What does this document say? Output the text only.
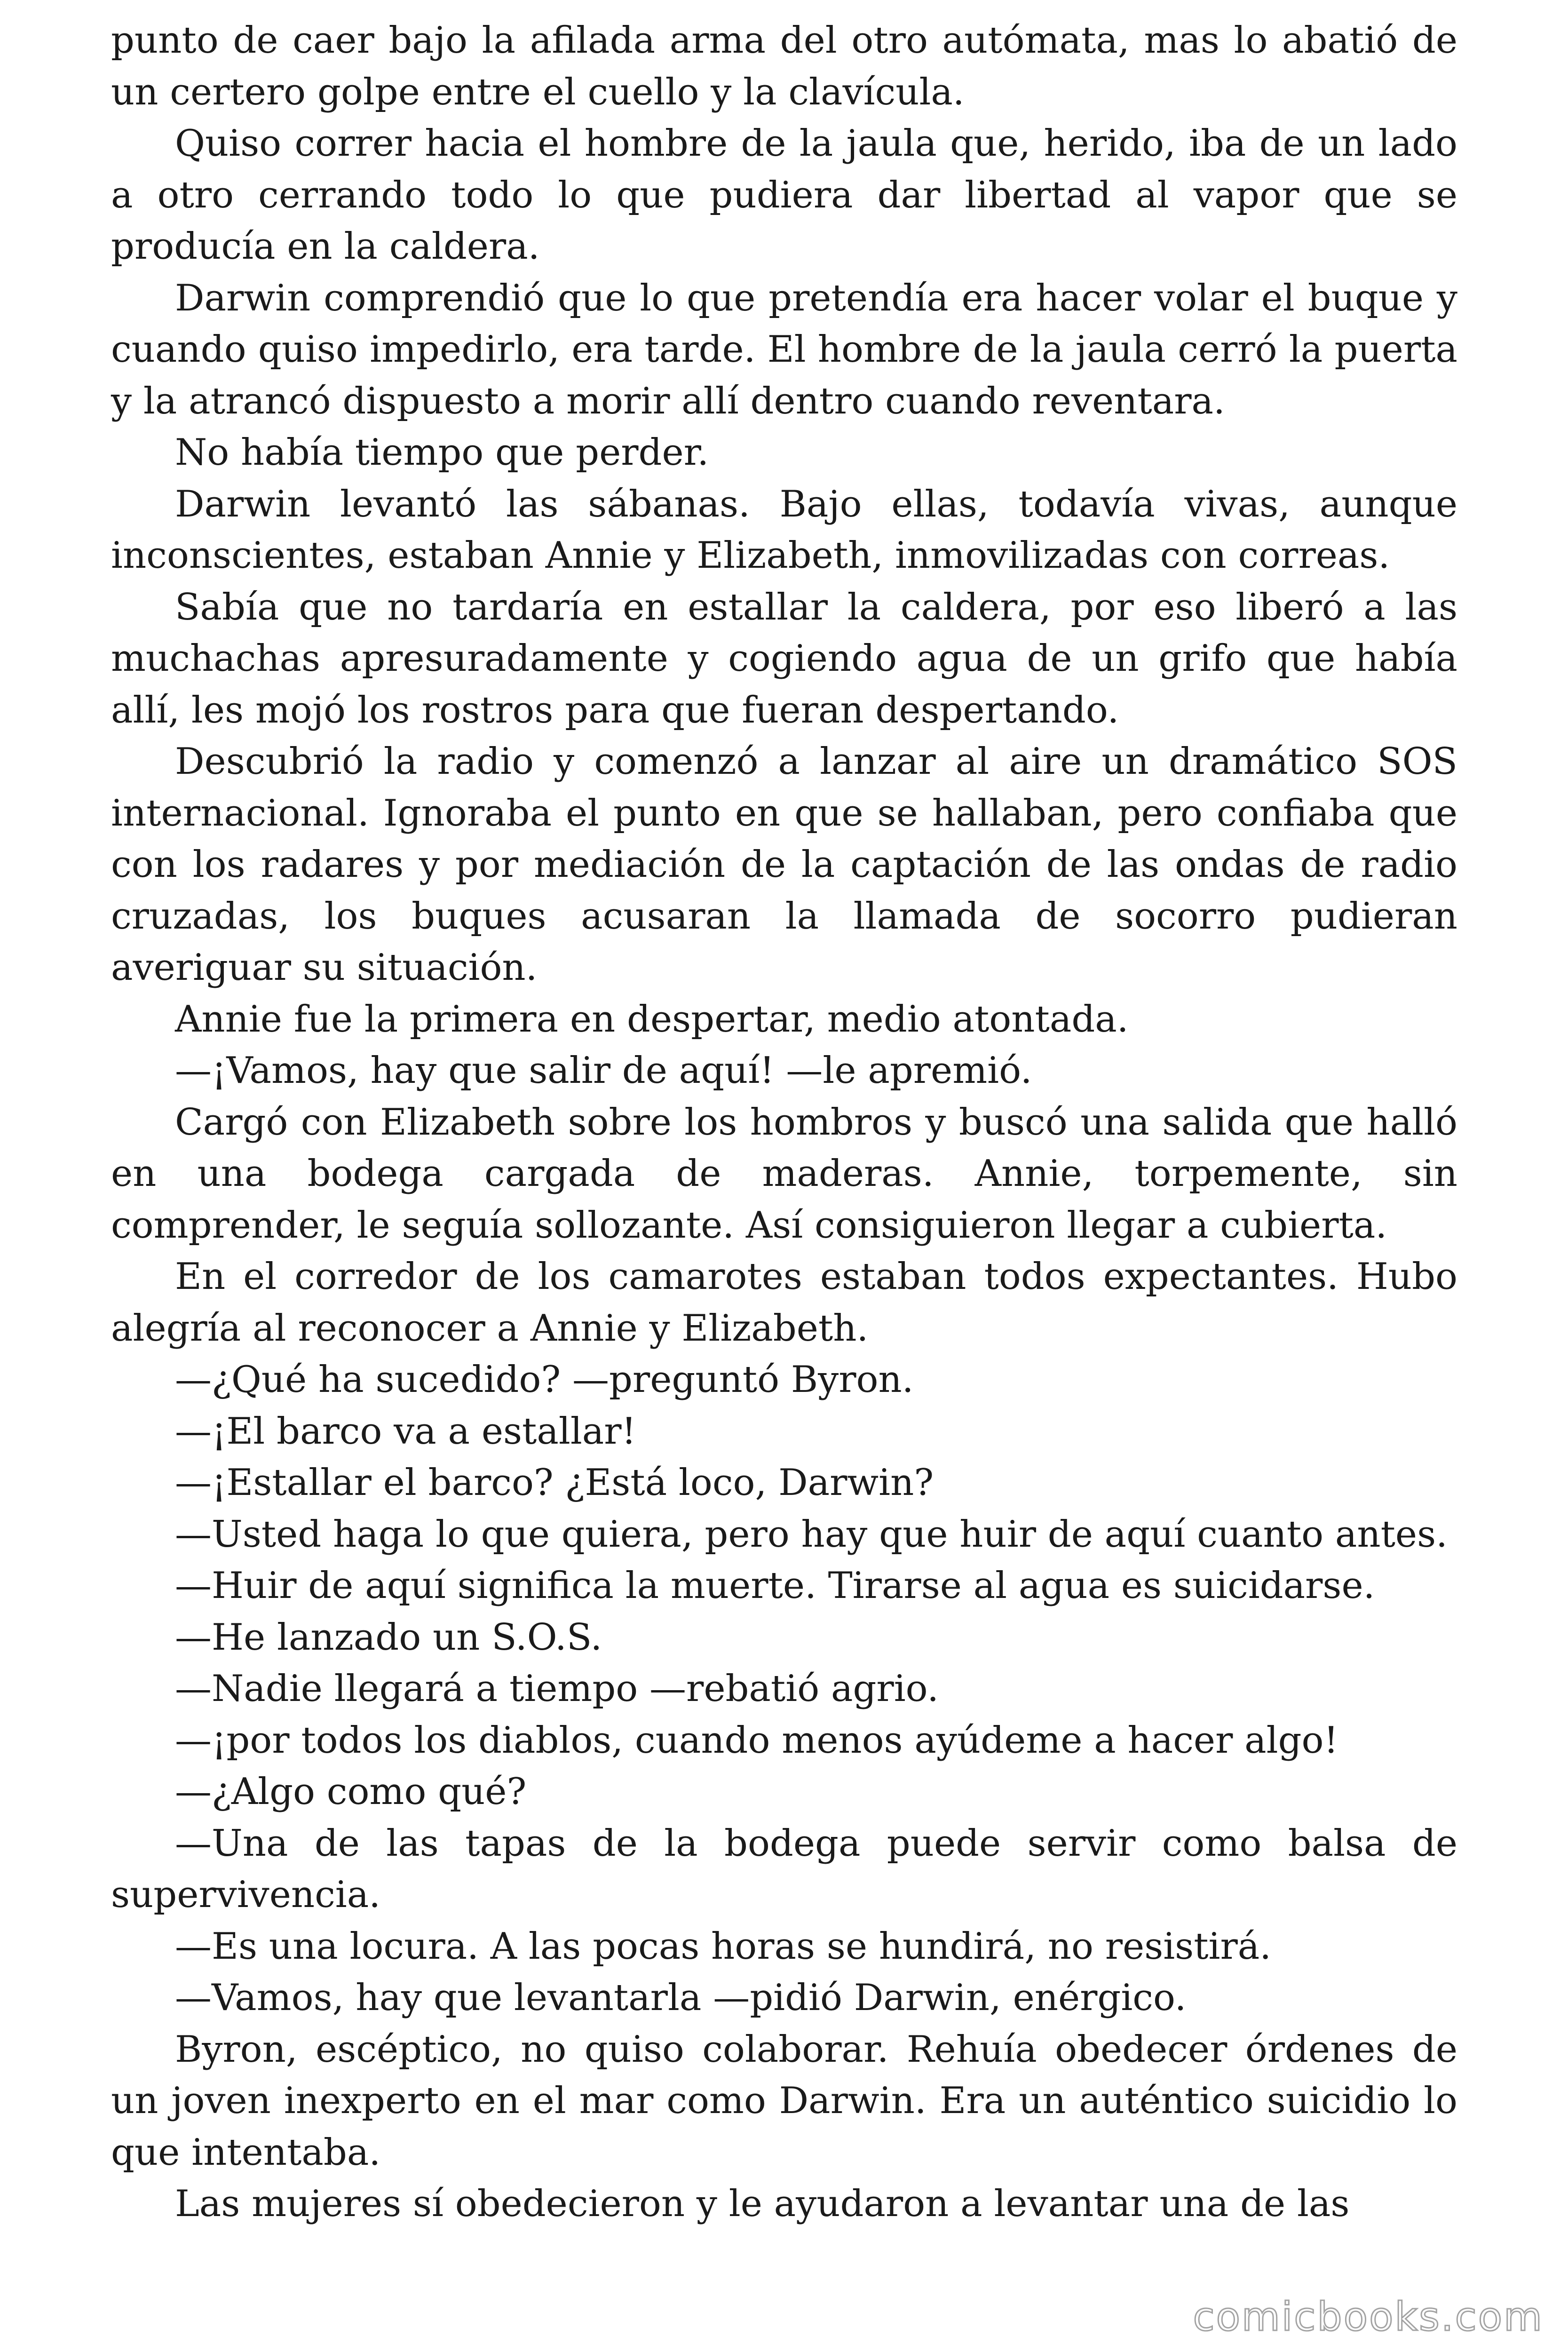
punto de caer bajo la afilada arma del otro autómata, mas lo abatió de un certero golpe entre el cuello y la clavícula.

Quiso correr hacia el hombre de la jaula que, herido, iba de un lado a otro cerrando todo lo que pudiera dar libertad al vapor que se producía en la caldera.

Darwin comprendió que lo que pretendía era hacer volar el buque y cuando quiso impedirlo, era tarde. El hombre de la jaula cerró la puerta y la atrancó dispuesto a morir allí dentro cuando reventara.

No había tiempo que perder.

Darwin levantó las sábanas. Bajo ellas, todavía vivas, aunque inconscientes, estaban Annie y Elizabeth, inmovilizadas con correas.

Sabía que no tardaría en estallar la caldera, por eso liberó a las muchachas apresuradamente y cogiendo agua de un grifo que había allí, les mojó los rostros para que fueran despertando.

Descubrió la radio y comenzó a lanzar al aire un dramático SOS internacional. Ignoraba el punto en que se hallaban, pero confiaba que con los radares y por mediación de la captación de las ondas de radio cruzadas, los buques acusaran la llamada de socorro pudieran averiguar su situación.

Annie fue la primera en despertar, medio atontada.

—¡Vamos, hay que salir de aquí! —le apremió.

Cargó con Elizabeth sobre los hombros y buscó una salida que halló en una bodega cargada de maderas. Annie, torpemente, sin comprender, le seguía sollozante. Así consiguieron llegar a cubierta.

En el corredor de los camarotes estaban todos expectantes. Hubo alegría al reconocer a Annie y Elizabeth.

—¿Qué ha sucedido? —preguntó Byron.

—¡El barco va a estallar!

—¡Estallar el barco? ¿Está loco, Darwin?

—Usted haga lo que quiera, pero hay que huir de aquí cuanto antes.

—Huir de aquí significa la muerte. Tirarse al agua es suicidarse.

—He lanzado un S.O.S.

—Nadie llegará a tiempo —rebatió agrio.

—¡por todos los diablos, cuando menos ayúdeme a hacer algo!

—¿Algo como qué?

—Una de las tapas de la bodega puede servir como balsa de supervivencia.

—Es una locura. A las pocas horas se hundirá, no resistirá.

—Vamos, hay que levantarla —pidió Darwin, enérgico.

Byron, escéptico, no quiso colaborar. Rehuía obedecer órdenes de un joven inexperto en el mar como Darwin. Era un auténtico suicidio lo que intentaba.

Las mujeres sí obedecieron y le ayudaron a levantar una de las

comicbooks.com
